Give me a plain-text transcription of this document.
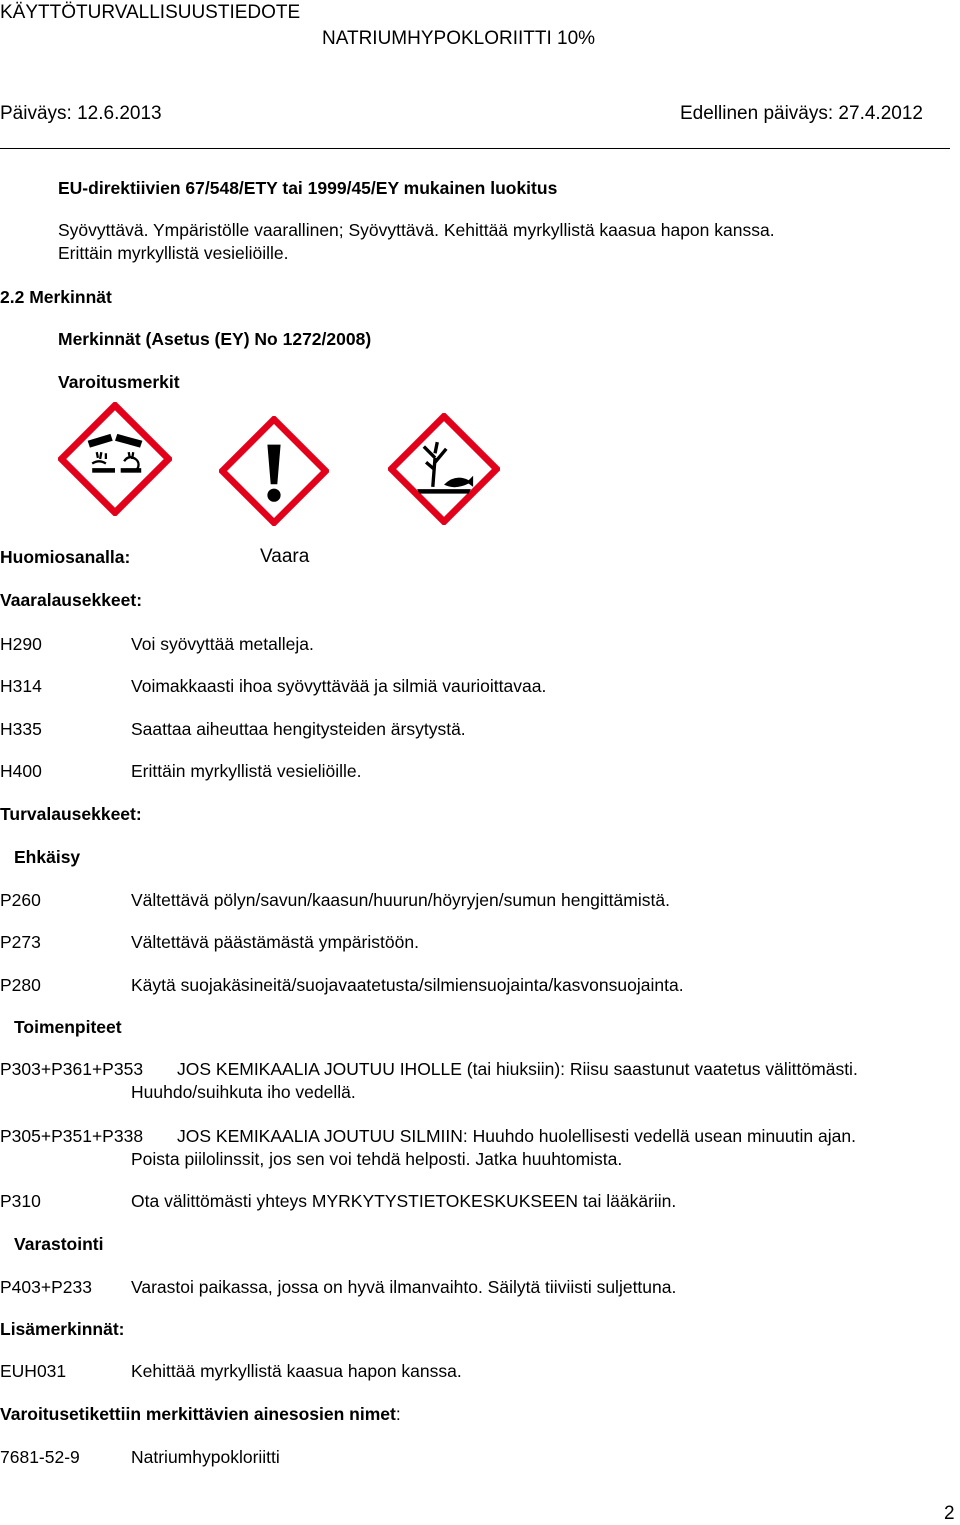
KÄYTTÖTURVALLISUUSTIEDOTE
NATRIUMHYPOKLORIITTI 10%
Päiväys: 12.6.2013	Edellinen päiväys: 27.4.2012
EU-direktiivien 67/548/ETY tai 1999/45/EY mukainen luokitus
Syövyttävä. Ympäristölle vaarallinen; Syövyttävä. Kehittää myrkyllistä kaasua hapon kanssa.
Erittäin myrkyllistä vesieliöille.
2.2 Merkinnät
Merkinnät (Asetus (EY) No 1272/2008)
Varoitusmerkit
Huomiosanalla:	Vaara
Vaaralausekkeet:
H290	Voi syövyttää metalleja.
H314	Voimakkaasti ihoa syövyttävää ja silmiä vaurioittavaa.
H335	Saattaa aiheuttaa hengitysteiden ärsytystä.
H400	Erittäin myrkyllistä vesieliöille.
Turvalausekkeet:
Ehkäisy
P260	Vältettävä pölyn/savun/kaasun/huurun/höyryjen/sumun hengittämistä.
P273	Vältettävä päästämästä ympäristöön.
P280	Käytä suojakäsineitä/suojavaatetusta/silmiensuojainta/kasvonsuojainta.
Toimenpiteet
P303+P361+P353 JOS KEMIKAALIA JOUTUU IHOLLE (tai hiuksiin): Riisu saastunut vaatetus välittömästi.
Huuhdo/suihkuta iho vedellä.
P305+P351+P338 JOS KEMIKAALIA JOUTUU SILMIIN: Huuhdo huolellisesti vedellä usean minuutin ajan.
Poista piilolinssit, jos sen voi tehdä helposti. Jatka huuhtomista.
P310	Ota välittömästi yhteys MYRKYTYSTIETOKESKUKSEEN tai lääkäriin.
Varastointi
P403+P233 Varastoi paikassa, jossa on hyvä ilmanvaihto. Säilytä tiiviisti suljettuna.
Lisämerkinnät:
EUH031	Kehittää myrkyllistä kaasua hapon kanssa.
Varoitusetikettiin merkittävien ainesosien nimet:
7681-52-9	Natriumhypokloriitti
2
